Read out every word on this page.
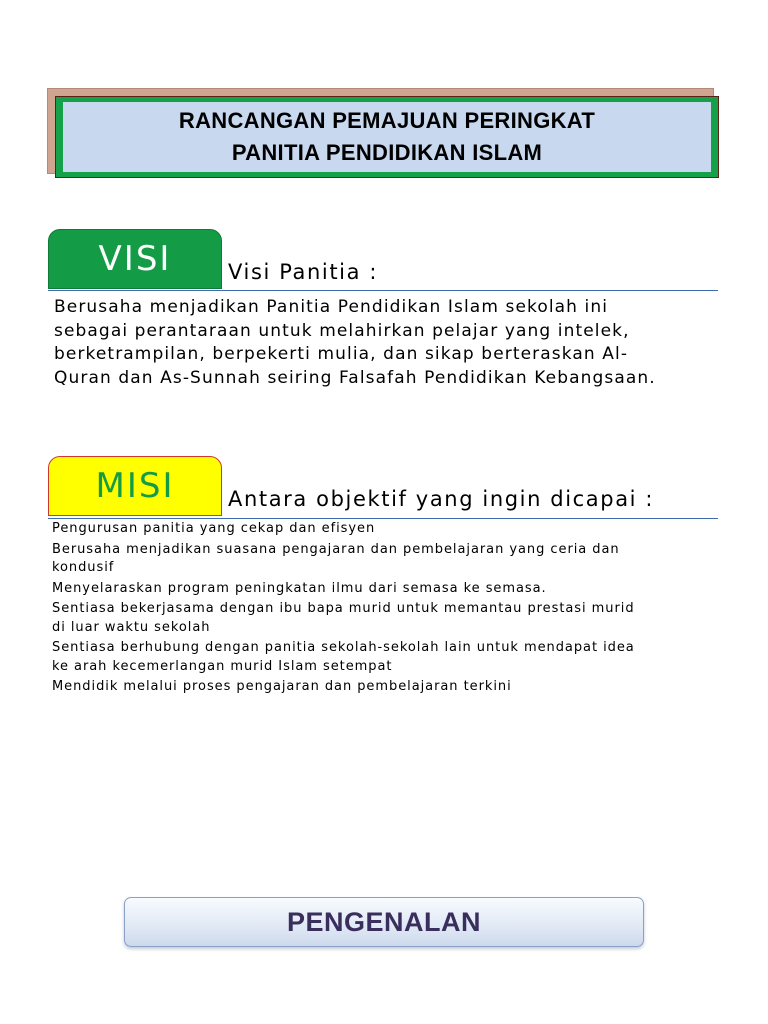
RANCANGAN PEMAJUAN PERINGKAT
PANITIA PENDIDIKAN ISLAM
VISI	Visi Panitia :
Berusaha menjadikan Panitia Pendidikan Islam sekolah ini
sebagai perantaraan untuk melahirkan pelajar yang intelek,
berketrampilan, berpekerti mulia, dan sikap berteraskan Al-
Quran dan As-Sunnah seiring Falsafah Pendidikan Kebangsaan.
MISI	Antara objektif yang ingin dicapai :
Pengurusan panitia yang cekap dan efisyen
Berusaha menjadikan suasana pengajaran dan pembelajaran yang ceria dan
kondusif
Menyelaraskan program peningkatan ilmu dari semasa ke semasa.
Sentiasa bekerjasama dengan ibu bapa murid untuk memantau prestasi murid
di luar waktu sekolah
Sentiasa berhubung dengan panitia sekolah-sekolah lain untuk mendapat idea
ke arah kecemerlangan murid Islam setempat
Mendidik melalui proses pengajaran dan pembelajaran terkini
PENGENALAN
